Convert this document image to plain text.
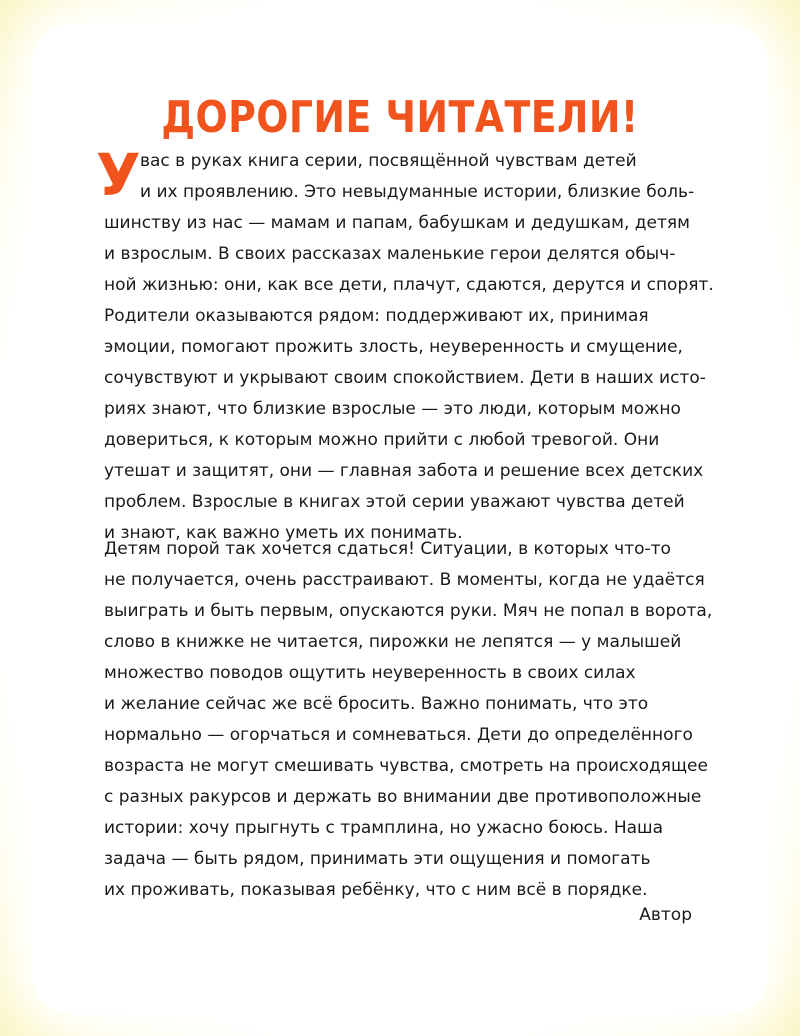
ДОРОГИЕ ЧИТАТЕЛИ!
У вас в руках книга серии, посвящённой чувствам детей
и их проявлению. Это невыдуманные истории, близкие боль-
шинству из нас — мамам и папам, бабушкам и дедушкам, детям
и взрослым. В своих рассказах маленькие герои делятся обыч-
ной жизнью: они, как все дети, плачут, сдаются, дерутся и спорят.
Родители оказываются рядом: поддерживают их, принимая
эмоции, помогают прожить злость, неуверенность и смущение,
сочувствуют и укрывают своим спокойствием. Дети в наших исто-
риях знают, что близкие взрослые — это люди, которым можно
довериться, к которым можно прийти с любой тревогой. Они
утешат и защитят, они — главная забота и решение всех детских
проблем. Взрослые в книгах этой серии уважают чувства детей
и знают, как важно уметь их понимать.
Детям порой так хочется сдаться! Ситуации, в которых что-то
не получается, очень расстраивают. В моменты, когда не удаётся
выиграть и быть первым, опускаются руки. Мяч не попал в ворота,
слово в книжке не читается, пирожки не лепятся — у малышей
множество поводов ощутить неуверенность в своих силах
и желание сейчас же всё бросить. Важно понимать, что это
нормально — огорчаться и сомневаться. Дети до определённого
возраста не могут смешивать чувства, смотреть на происходящее
с разных ракурсов и держать во внимании две противоположные
истории: хочу прыгнуть с трамплина, но ужасно боюсь. Наша
задача — быть рядом, принимать эти ощущения и помогать
их проживать, показывая ребёнку, что с ним всё в порядке.
Автор
